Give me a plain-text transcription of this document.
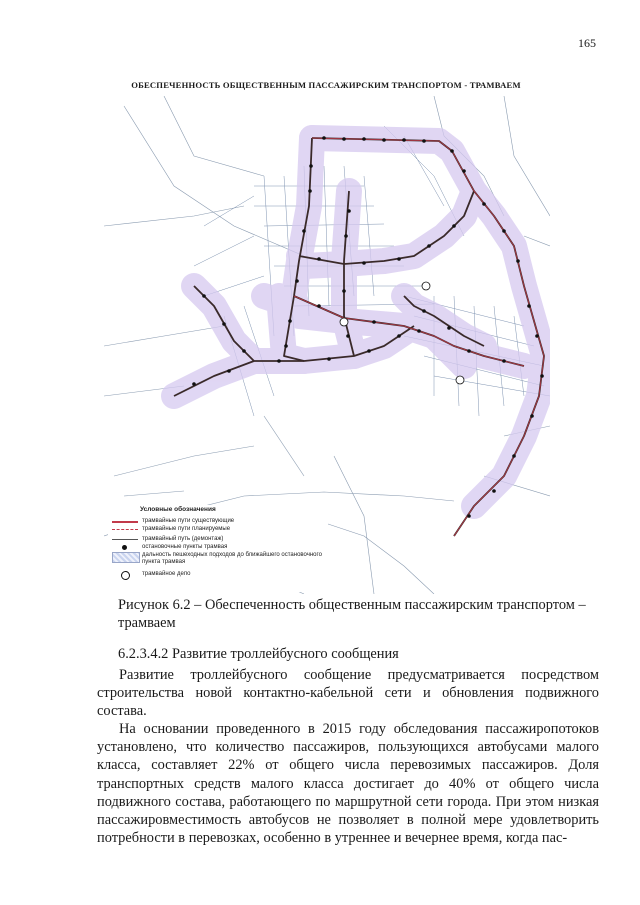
165
ОБЕСПЕЧЕННОСТЬ ОБЩЕСТВЕННЫМ ПАССАЖИРСКИМ ТРАНСПОРТОМ - ТРАМВАЕМ
Условные обозначения
трамвайные пути существующие
трамвайные пути планируемые
трамвайный путь (демонтаж)
остановочные пункты трамвая
дальность пешеходных подходов до ближайшего остановочного пункта трамвая
трамвайное депо
Рисунок 6.2 – Обеспеченность общественным пассажирским транспортом – трамваем
6.2.3.4.2 Развитие троллейбусного сообщения
Развитие троллейбусного сообщение предусматривается посредством строительства новой контактно-кабельной сети и обновления подвижного состава.
На основании проведенного в 2015 году обследования пассажиропотоков установлено, что количество пассажиров, пользующихся автобусами малого класса, составляет 22% от общего числа перевозимых пассажиров. Доля транспортных средств малого класса достигает до 40% от общего числа подвижного состава, работающего по маршрутной сети города. При этом низкая пассажировместимость автобусов не позволяет в полной мере удовлетворить потребности в перевозках, особенно в утреннее и вечернее время, когда пас-
